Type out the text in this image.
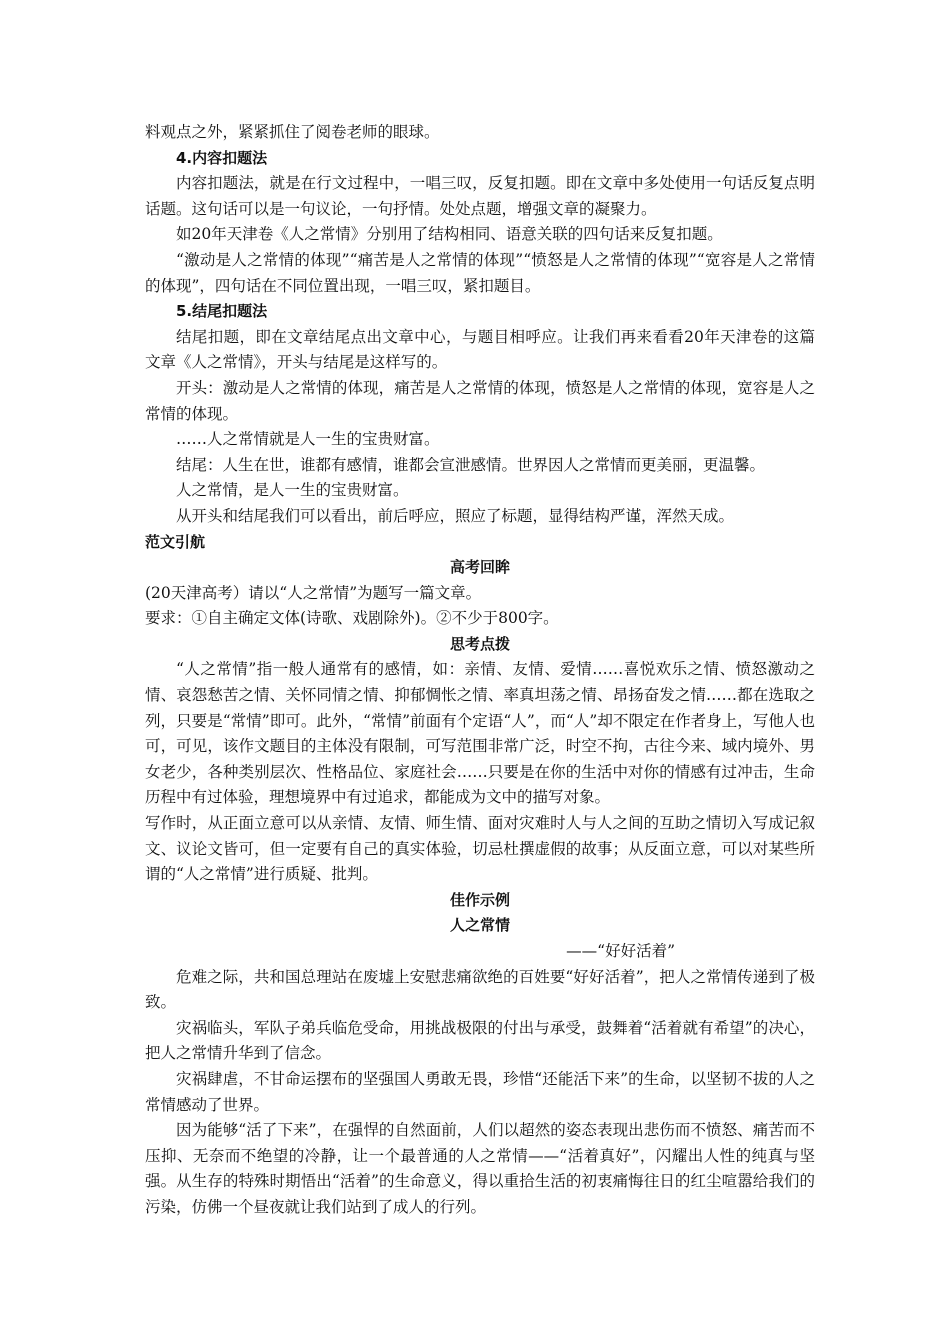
料观点之外，紧紧抓住了阅卷老师的眼球。

4.内容扣题法

内容扣题法，就是在行文过程中，一唱三叹，反复扣题。即在文章中多处使用一句话反复点明话题。这句话可以是一句议论，一句抒情。处处点题，增强文章的凝聚力。

如20年天津卷《人之常情》分别用了结构相同、语意关联的四句话来反复扣题。

“激动是人之常情的体现”“痛苦是人之常情的体现”“愤怒是人之常情的体现”“宽容是人之常情的体现”，四句话在不同位置出现，一唱三叹，紧扣题目。

5.结尾扣题法

结尾扣题，即在文章结尾点出文章中心，与题目相呼应。让我们再来看看20年天津卷的这篇文章《人之常情》，开头与结尾是这样写的。

开头：激动是人之常情的体现，痛苦是人之常情的体现，愤怒是人之常情的体现，宽容是人之常情的体现。

……人之常情就是人一生的宝贵财富。

结尾：人生在世，谁都有感情，谁都会宣泄感情。世界因人之常情而更美丽，更温馨。

人之常情，是人一生的宝贵财富。

从开头和结尾我们可以看出，前后呼应，照应了标题，显得结构严谨，浑然天成。

范文引航

高考回眸

(20天津高考）请以“人之常情”为题写一篇文章。

要求：①自主确定文体(诗歌、戏剧除外)。②不少于800字。

思考点拨

“人之常情”指一般人通常有的感情，如：亲情、友情、爱情……喜悦欢乐之情、愤怒激动之情、哀怨愁苦之情、关怀同情之情、抑郁惆怅之情、率真坦荡之情、昂扬奋发之情……都在选取之列，只要是“常情”即可。此外，“常情”前面有个定语“人”，而“人”却不限定在作者身上，写他人也可，可见，该作文题目的主体没有限制，可写范围非常广泛，时空不拘，古往今来、域内境外、男女老少，各种类别层次、性格品位、家庭社会……只要是在你的生活中对你的情感有过冲击，生命历程中有过体验，理想境界中有过追求，都能成为文中的描写对象。

写作时，从正面立意可以从亲情、友情、师生情、面对灾难时人与人之间的互助之情切入写成记叙文、议论文皆可，但一定要有自己的真实体验，切忌杜撰虚假的故事；从反面立意，可以对某些所谓的“人之常情”进行质疑、批判。

佳作示例

人之常情

——“好好活着”

危难之际，共和国总理站在废墟上安慰悲痛欲绝的百姓要“好好活着”，把人之常情传递到了极致。

灾祸临头，军队子弟兵临危受命，用挑战极限的付出与承受，鼓舞着“活着就有希望”的决心，把人之常情升华到了信念。

灾祸肆虐，不甘命运摆布的坚强国人勇敢无畏，珍惜“还能活下来”的生命，以坚韧不拔的人之常情感动了世界。

因为能够“活了下来”，在强悍的自然面前，人们以超然的姿态表现出悲伤而不愤怒、痛苦而不压抑、无奈而不绝望的冷静，让一个最普通的人之常情——“活着真好”，闪耀出人性的纯真与坚强。从生存的特殊时期悟出“活着”的生命意义，得以重拾生活的初衷痛悔往日的红尘喧嚣给我们的污染，仿佛一个昼夜就让我们站到了成人的行列。
